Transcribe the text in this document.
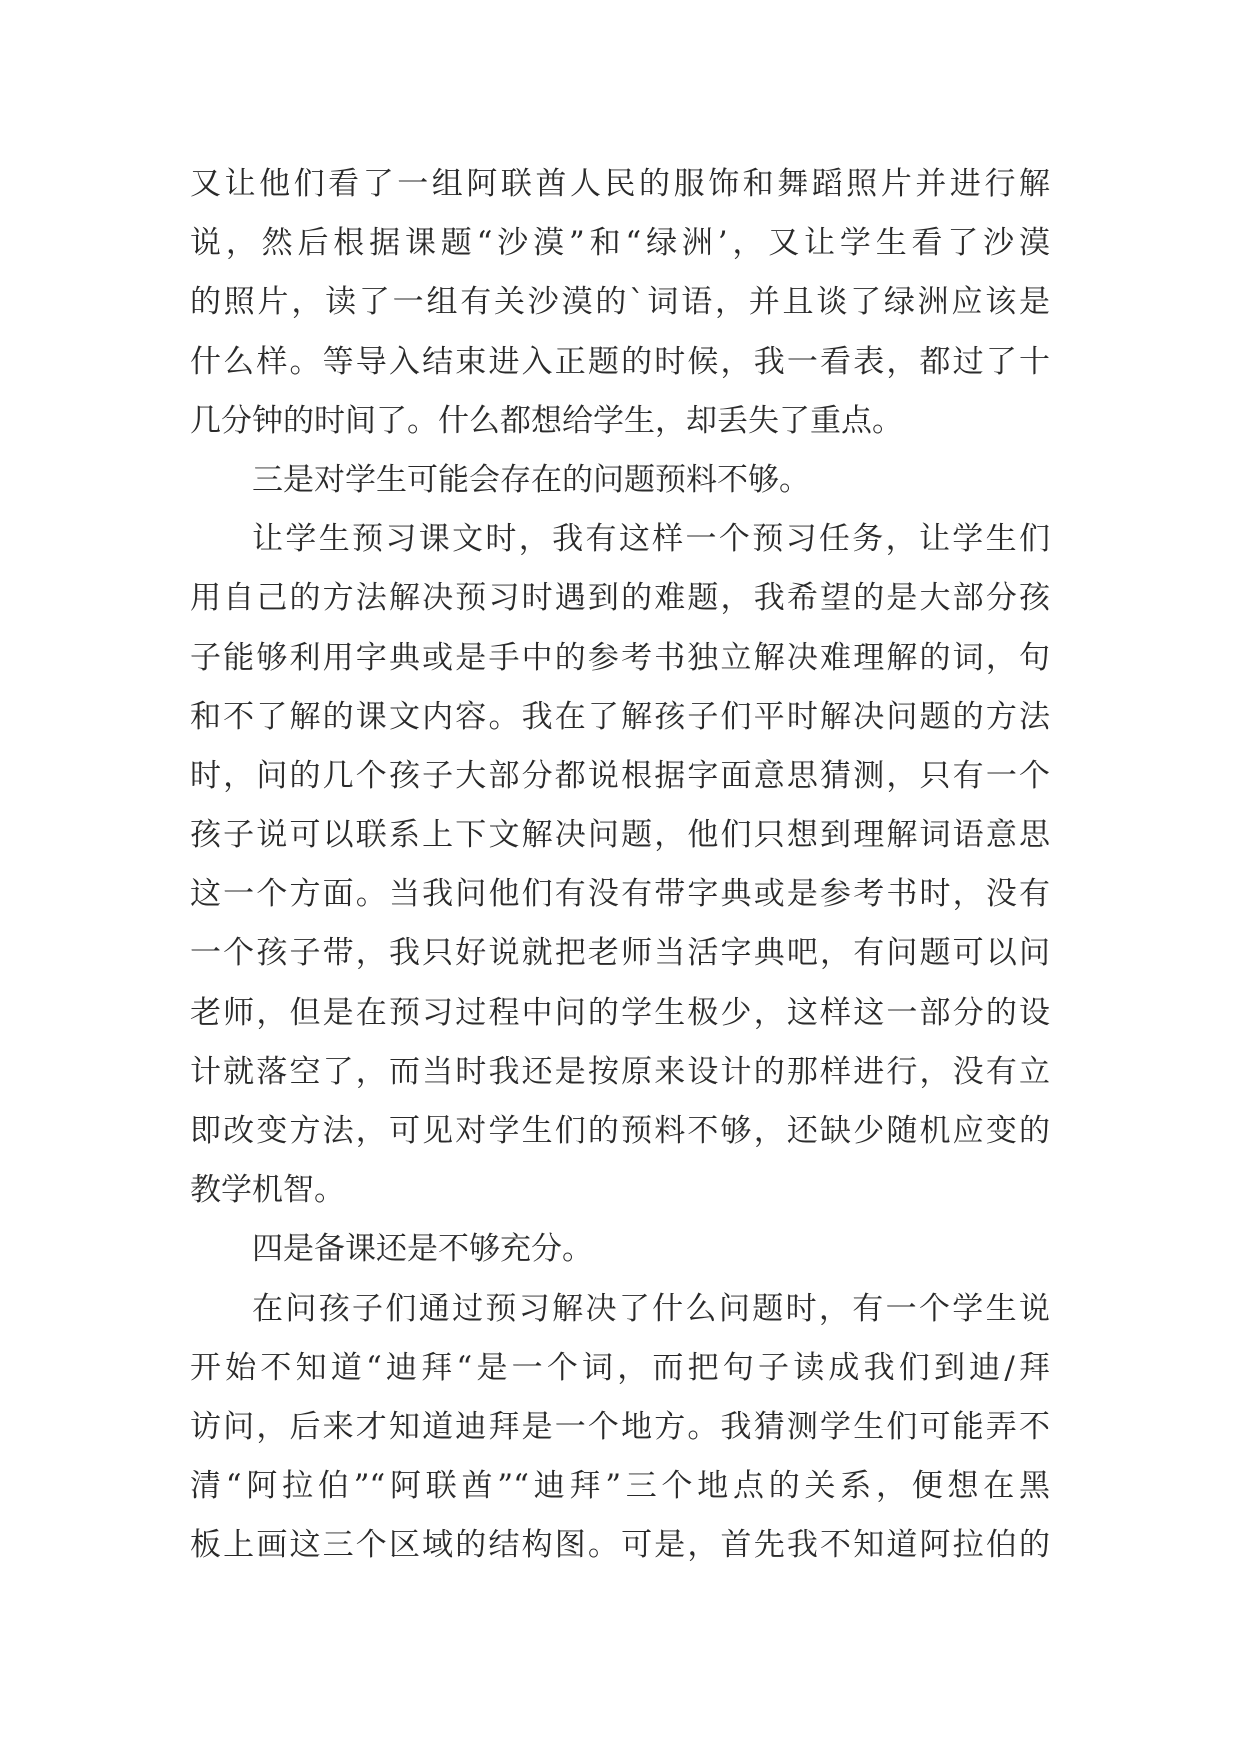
又让他们看了一组阿联酋人民的服饰和舞蹈照片并进行解
说，然后根据课题“沙漠”和“绿洲’，又让学生看了沙漠
的照片，读了一组有关沙漠的`词语，并且谈了绿洲应该是
什么样。等导入结束进入正题的时候，我一看表，都过了十
几分钟的时间了。什么都想给学生，却丢失了重点。
三是对学生可能会存在的问题预料不够。
让学生预习课文时，我有这样一个预习任务，让学生们
用自己的方法解决预习时遇到的难题，我希望的是大部分孩
子能够利用字典或是手中的参考书独立解决难理解的词，句
和不了解的课文内容。我在了解孩子们平时解决问题的方法
时，问的几个孩子大部分都说根据字面意思猜测，只有一个
孩子说可以联系上下文解决问题，他们只想到理解词语意思
这一个方面。当我问他们有没有带字典或是参考书时，没有
一个孩子带，我只好说就把老师当活字典吧，有问题可以问
老师，但是在预习过程中问的学生极少，这样这一部分的设
计就落空了，而当时我还是按原来设计的那样进行，没有立
即改变方法，可见对学生们的预料不够，还缺少随机应变的
教学机智。
四是备课还是不够充分。
在问孩子们通过预习解决了什么问题时，有一个学生说
开始不知道“迪拜“是一个词，而把句子读成我们到迪/拜
访问，后来才知道迪拜是一个地方。我猜测学生们可能弄不
清“阿拉伯”“阿联酋”“迪拜”三个地点的关系，便想在黑
板上画这三个区域的结构图。可是，首先我不知道阿拉伯的
